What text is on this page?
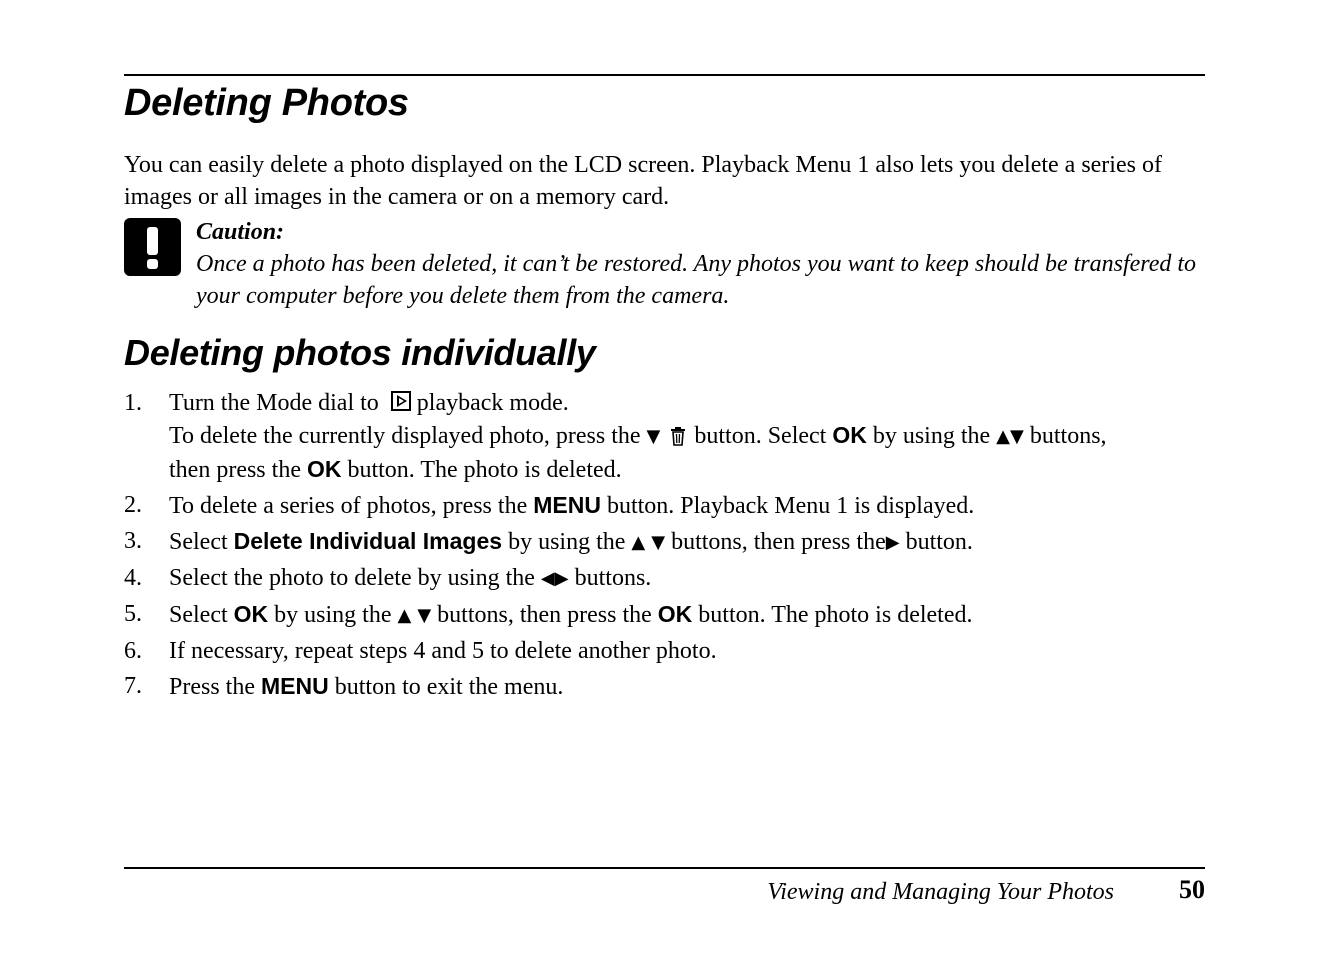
Deleting Photos

You can easily delete a photo displayed on the LCD screen. Playback Menu 1 also lets you delete a series of images or all images in the camera or on a memory card.

Caution:

Once a photo has been deleted, it can’t be restored. Any photos you want to keep should be transfered to your computer before you delete them from the camera.

Deleting photos individually
1. Turn the Mode dial to playback mode.
To delete the currently displayed photo, press the ▼ button. Select OK by using the ▲▼ buttons,
then press the OK button. The photo is deleted.
2. To delete a series of photos, press the MENU button. Playback Menu 1 is displayed.
3. Select Delete Individual Images by using the ▲ ▼ buttons, then press the▶ button.
4. Select the photo to delete by using the ◀▶ buttons.
5. Select OK by using the ▲ ▼ buttons, then press the OK button. The photo is deleted.
6. If necessary, repeat steps 4 and 5 to delete another photo.
7. Press the MENU button to exit the menu.
Viewing and Managing Your Photos	50
